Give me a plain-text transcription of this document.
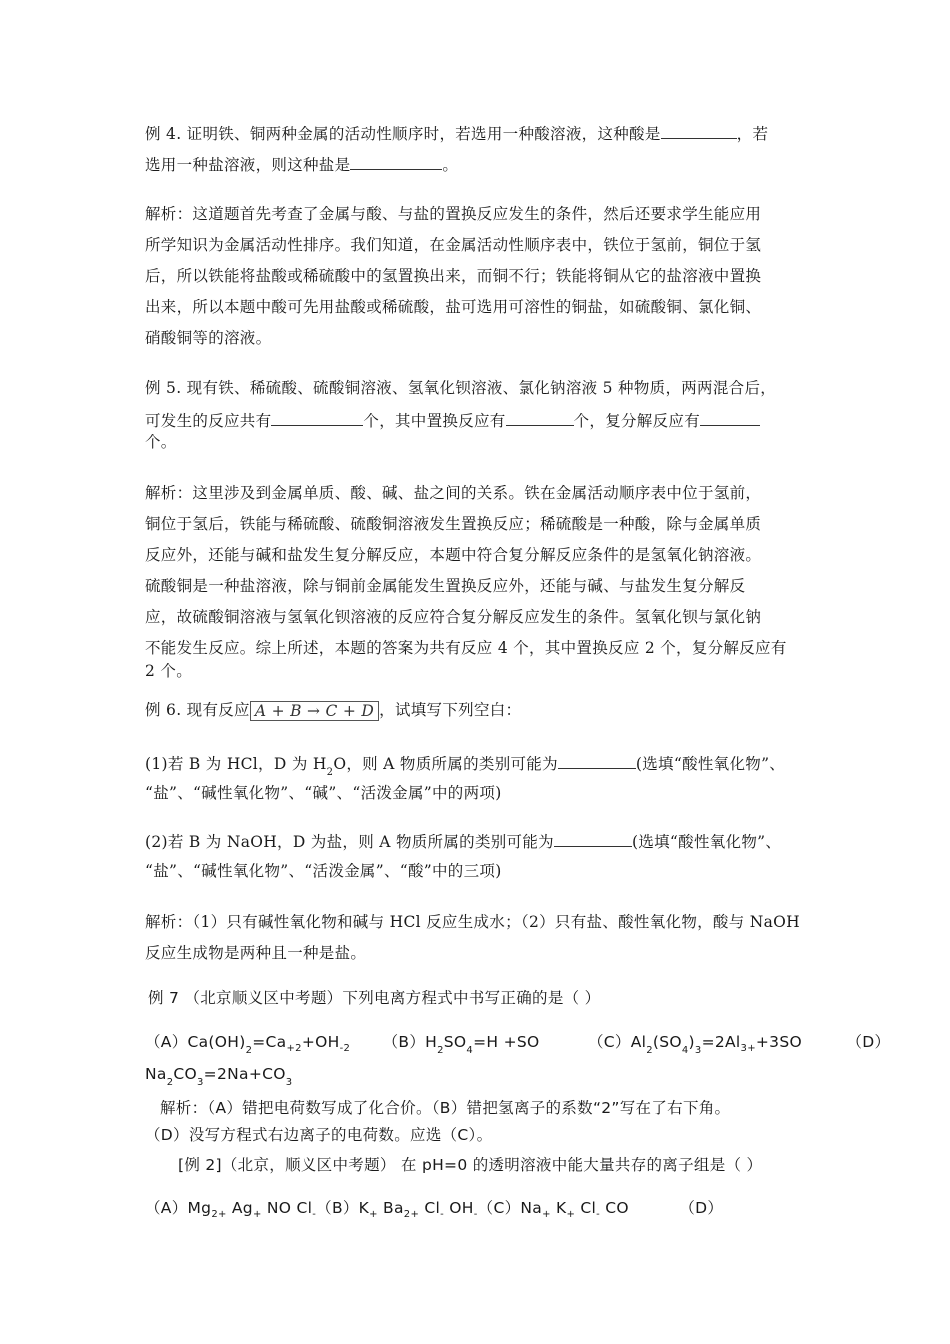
例 4. 证明铁、铜两种金属的活动性顺序时，若选用一种酸溶液，这种酸是	，若
选用一种盐溶液，则这种盐是	。
解析：这道题首先考查了金属与酸、与盐的置换反应发生的条件，然后还要求学生能应用
所学知识为金属活动性排序。我们知道，在金属活动性顺序表中，铁位于氢前，铜位于氢
后，所以铁能将盐酸或稀硫酸中的氢置换出来，而铜不行；铁能将铜从它的盐溶液中置换
出来，所以本题中酸可先用盐酸或稀硫酸，盐可选用可溶性的铜盐，如硫酸铜、氯化铜、
硝酸铜等的溶液。
例 5. 现有铁、稀硫酸、硫酸铜溶液、氢氧化钡溶液、氯化钠溶液 5 种物质，两两混合后，
可发生的反应共有	个，其中置换反应有	个，复分解反应有
个。
解析：这里涉及到金属单质、酸、碱、盐之间的关系。铁在金属活动顺序表中位于氢前，
铜位于氢后，铁能与稀硫酸、硫酸铜溶液发生置换反应；稀硫酸是一种酸，除与金属单质
反应外，还能与碱和盐发生复分解反应，本题中符合复分解反应条件的是氢氧化钠溶液。
硫酸铜是一种盐溶液，除与铜前金属能发生置换反应外，还能与碱、与盐发生复分解反
应，故硫酸铜溶液与氢氧化钡溶液的反应符合复分解反应发生的条件。氢氧化钡与氯化钠
不能发生反应。综上所述，本题的答案为共有反应 4 个，其中置换反应 2 个，复分解反应有
2 个。
例 6. 现有反应 A + B → C + D ，试填写下列空白：
(1)若 B 为 HCl，D 为 $H_2O$，则 A 物质所属的类别可能为	(选填“酸性氧化物”、
“盐”、“碱性氧化物”、“碱”、“活泼金属”中的两项)
(2)若 B 为 NaOH，D 为盐，则 A 物质所属的类别可能为	(选填“酸性氧化物”、
“盐”、“碱性氧化物”、“活泼金属”、“酸”中的三项)
解析：（1）只有碱性氧化物和碱与 HCl 反应生成水；（2）只有盐、酸性氧化物，酸与 NaOH
反应生成物是两种且一种是盐。
例 7 （北京顺义区中考题）下列电离方程式中书写正确的是（ ）
$(A)Ca(OH)_2=Ca_{+2}+OH_{-2}$ $(B)H_2SO_4=H +SO$	$(C)Al_2(SO_4)_3=2Al_{3+}+3SO$	（D）
$Na_2CO_3=2Na+CO_3$
解析：（A）错把电荷数写成了化合价。（B）错把氢离子的系数“2”写在了右下角。
（D）没写方程式右边离子的电荷数。应选（C）。
[例 2]（北京，顺义区中考题） 在 pH=0 的透明溶液中能大量共存的离子组是（ ）
$(A)Mg_{2+}$ $Ag_+$ NO $Cl_-(B)K_+$ $Ba_{2+}$ $Cl_-$ $OH_-(C)Na_+$ $K_+$ $Cl_-$ CO	（D）
